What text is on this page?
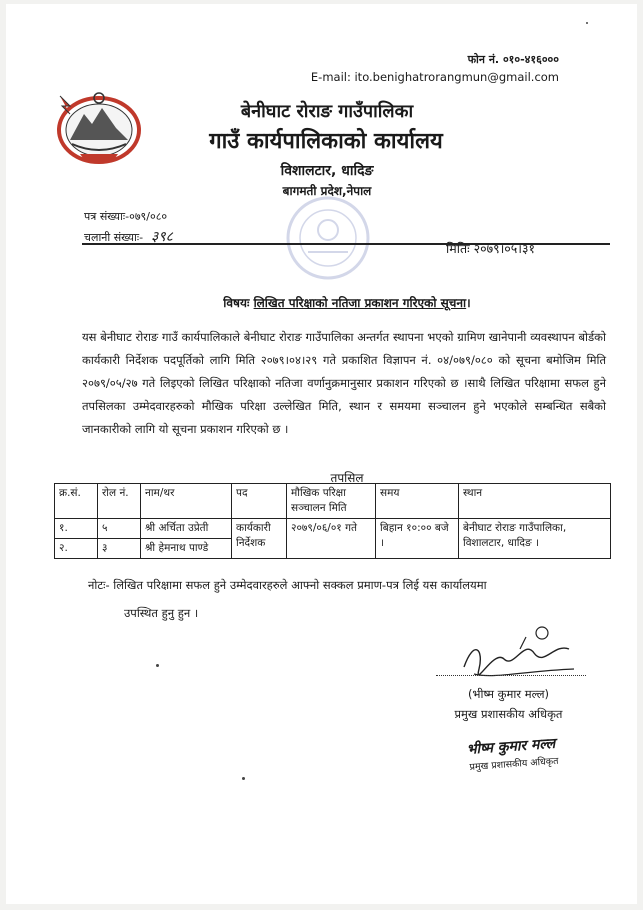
फोन नं. ०१०-४१६०००
E-mail: ito.benighatrorangmun@gmail.com
बेनीघाट रोराङ गाउँपालिका
गाउँ कार्यपालिकाको कार्यालय
विशालटार, धादिङ
बागमती प्रदेश,नेपाल
पत्र संख्याः-०७९/०८०
चलानी संख्याः- ३९८
मितिः २०७९।०५।३१
विषयः लिखित परिक्षाको नतिजा प्रकाशन गरिएको सूचना।
यस बेनीघाट रोराङ गाउँ कार्यपालिकाले बेनीघाट रोराङ गाउँपालिका अन्तर्गत स्थापना भएको ग्रामिण खानेपानी व्यवस्थापन बोर्डको कार्यकारी निर्देशक पदपूर्तिको लागि मिति २०७९।०४।२९ गते प्रकाशित विज्ञापन नं. ०४/०७९/०८० को सूचना बमोजिम मिति २०७९/०५/२७ गते लिइएको लिखित परिक्षाको नतिजा वर्णानुक्रमानुसार प्रकाशन गरिएको छ ।साथै लिखित परिक्षामा सफल हुने तपसिलका उम्मेदवारहरुको मौखिक परिक्षा उल्लेखित मिति, स्थान र समयमा सञ्चालन हुने भएकोले सम्बन्धित सबैको जानकारीको लागि यो सूचना प्रकाशन गरिएको छ ।
तपसिल
क्र.सं.	रोल नं.	नाम/थर	पद	मौखिक परिक्षा सञ्चालन मिति	समय	स्थान
१.	५	श्री अर्चिता उप्रेती	कार्यकारी निर्देशक	२०७९/०६/०१ गते	बिहान १०:०० बजे ।	बेनीघाट रोराङ गाउँपालिका, विशालटार, धादिङ ।
२.	३	श्री हेमनाथ पाण्डे				
नोटः- लिखित परिक्षामा सफल हुने उम्मेदवारहरुले आफ्नो सक्कल प्रमाण-पत्र लिई यस कार्यालयमा
उपस्थित हुनु हुन ।
(भीष्म कुमार मल्ल)
प्रमुख प्रशासकीय अधिकृत
भीष्म कुमार मल्ल
प्रमुख प्रशासकीय अधिकृत
